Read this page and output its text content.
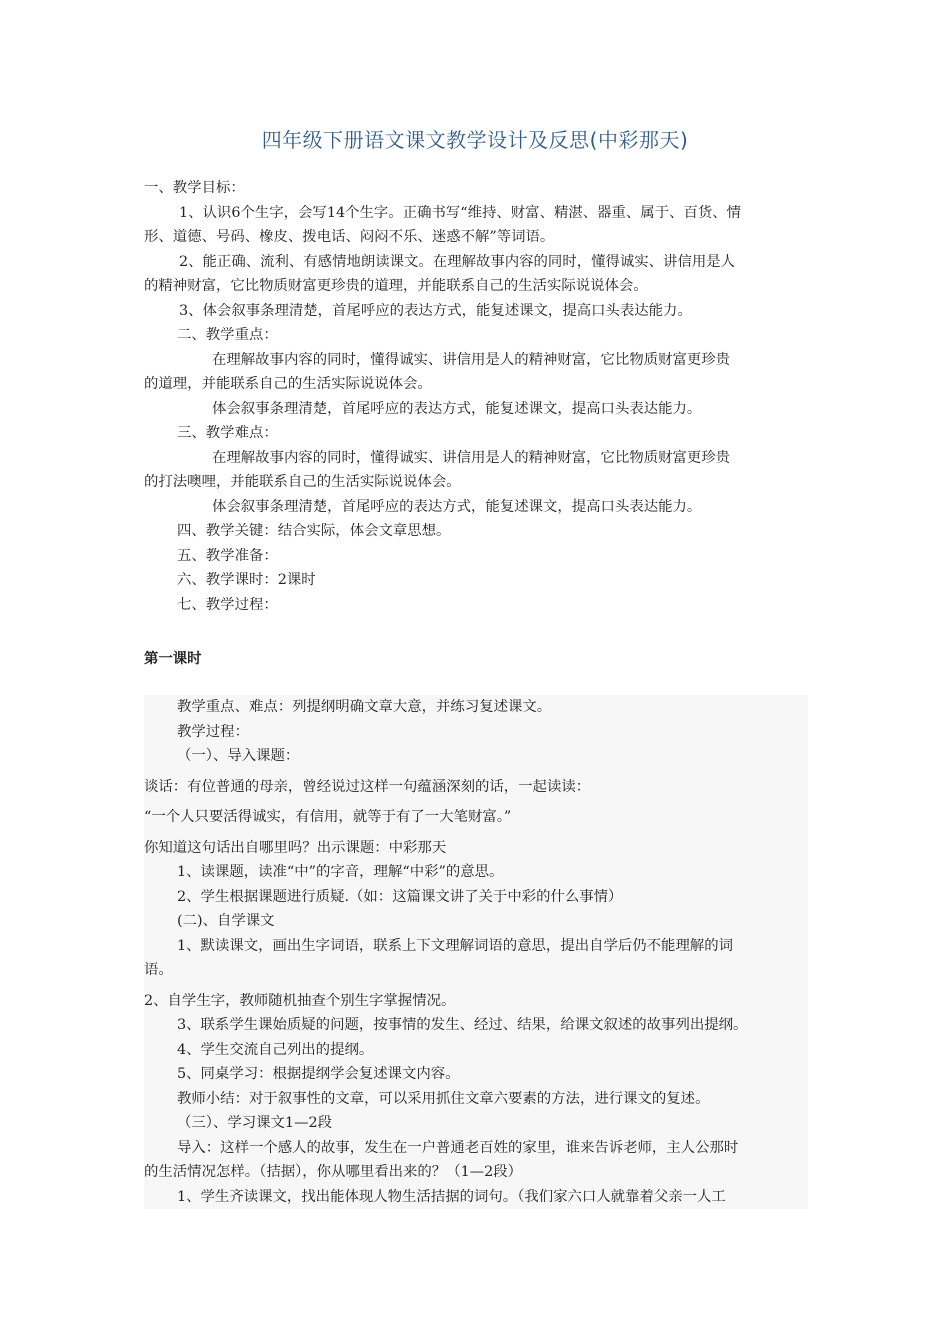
四年级下册语文课文教学设计及反思(中彩那天)
一、教学目标：
1、认识6个生字，会写14个生字。正确书写“维持、财富、精湛、器重、属于、百货、情
形、道德、号码、橡皮、拨电话、闷闷不乐、迷惑不解”等词语。
2、能正确、流利、有感情地朗读课文。在理解故事内容的同时，懂得诚实、讲信用是人
的精神财富，它比物质财富更珍贵的道理，并能联系自己的生活实际说说体会。
3、体会叙事条理清楚，首尾呼应的表达方式，能复述课文，提高口头表达能力。
二、教学重点：
在理解故事内容的同时，懂得诚实、讲信用是人的精神财富，它比物质财富更珍贵
的道理，并能联系自己的生活实际说说体会。
体会叙事条理清楚，首尾呼应的表达方式，能复述课文，提高口头表达能力。
三、教学难点：
在理解故事内容的同时，懂得诚实、讲信用是人的精神财富，它比物质财富更珍贵
的打法噢哩，并能联系自己的生活实际说说体会。
体会叙事条理清楚，首尾呼应的表达方式，能复述课文，提高口头表达能力。
四、教学关键：结合实际，体会文章思想。
五、教学准备：
六、教学课时：2课时
七、教学过程：
第一课时
教学重点、难点：列提纲明确文章大意，并练习复述课文。
教学过程：
（一）、导入课题：
谈话：有位普通的母亲，曾经说过这样一句蕴涵深刻的话，一起读读：
“一个人只要活得诚实，有信用，就等于有了一大笔财富。”
你知道这句话出自哪里吗？出示课题：中彩那天
1、读课题，读准“中”的字音，理解“中彩”的意思。
2、学生根据课题进行质疑.（如：这篇课文讲了关于中彩的什么事情）
(二)、自学课文
1、默读课文，画出生字词语，联系上下文理解词语的意思，提出自学后仍不能理解的词
语。
2、自学生字，教师随机抽查个别生字掌握情况。
3、联系学生课始质疑的问题，按事情的发生、经过、结果，给课文叙述的故事列出提纲。
4、学生交流自己列出的提纲。
5、同桌学习：根据提纲学会复述课文内容。
教师小结：对于叙事性的文章，可以采用抓住文章六要素的方法，进行课文的复述。
（三）、学习课文1—2段
导入：这样一个感人的故事，发生在一户普通老百姓的家里，谁来告诉老师，主人公那时
的生活情况怎样。（拮据），你从哪里看出来的？（1—2段）
1、学生齐读课文，找出能体现人物生活拮据的词句。（我们家六口人就靠着父亲一人工
